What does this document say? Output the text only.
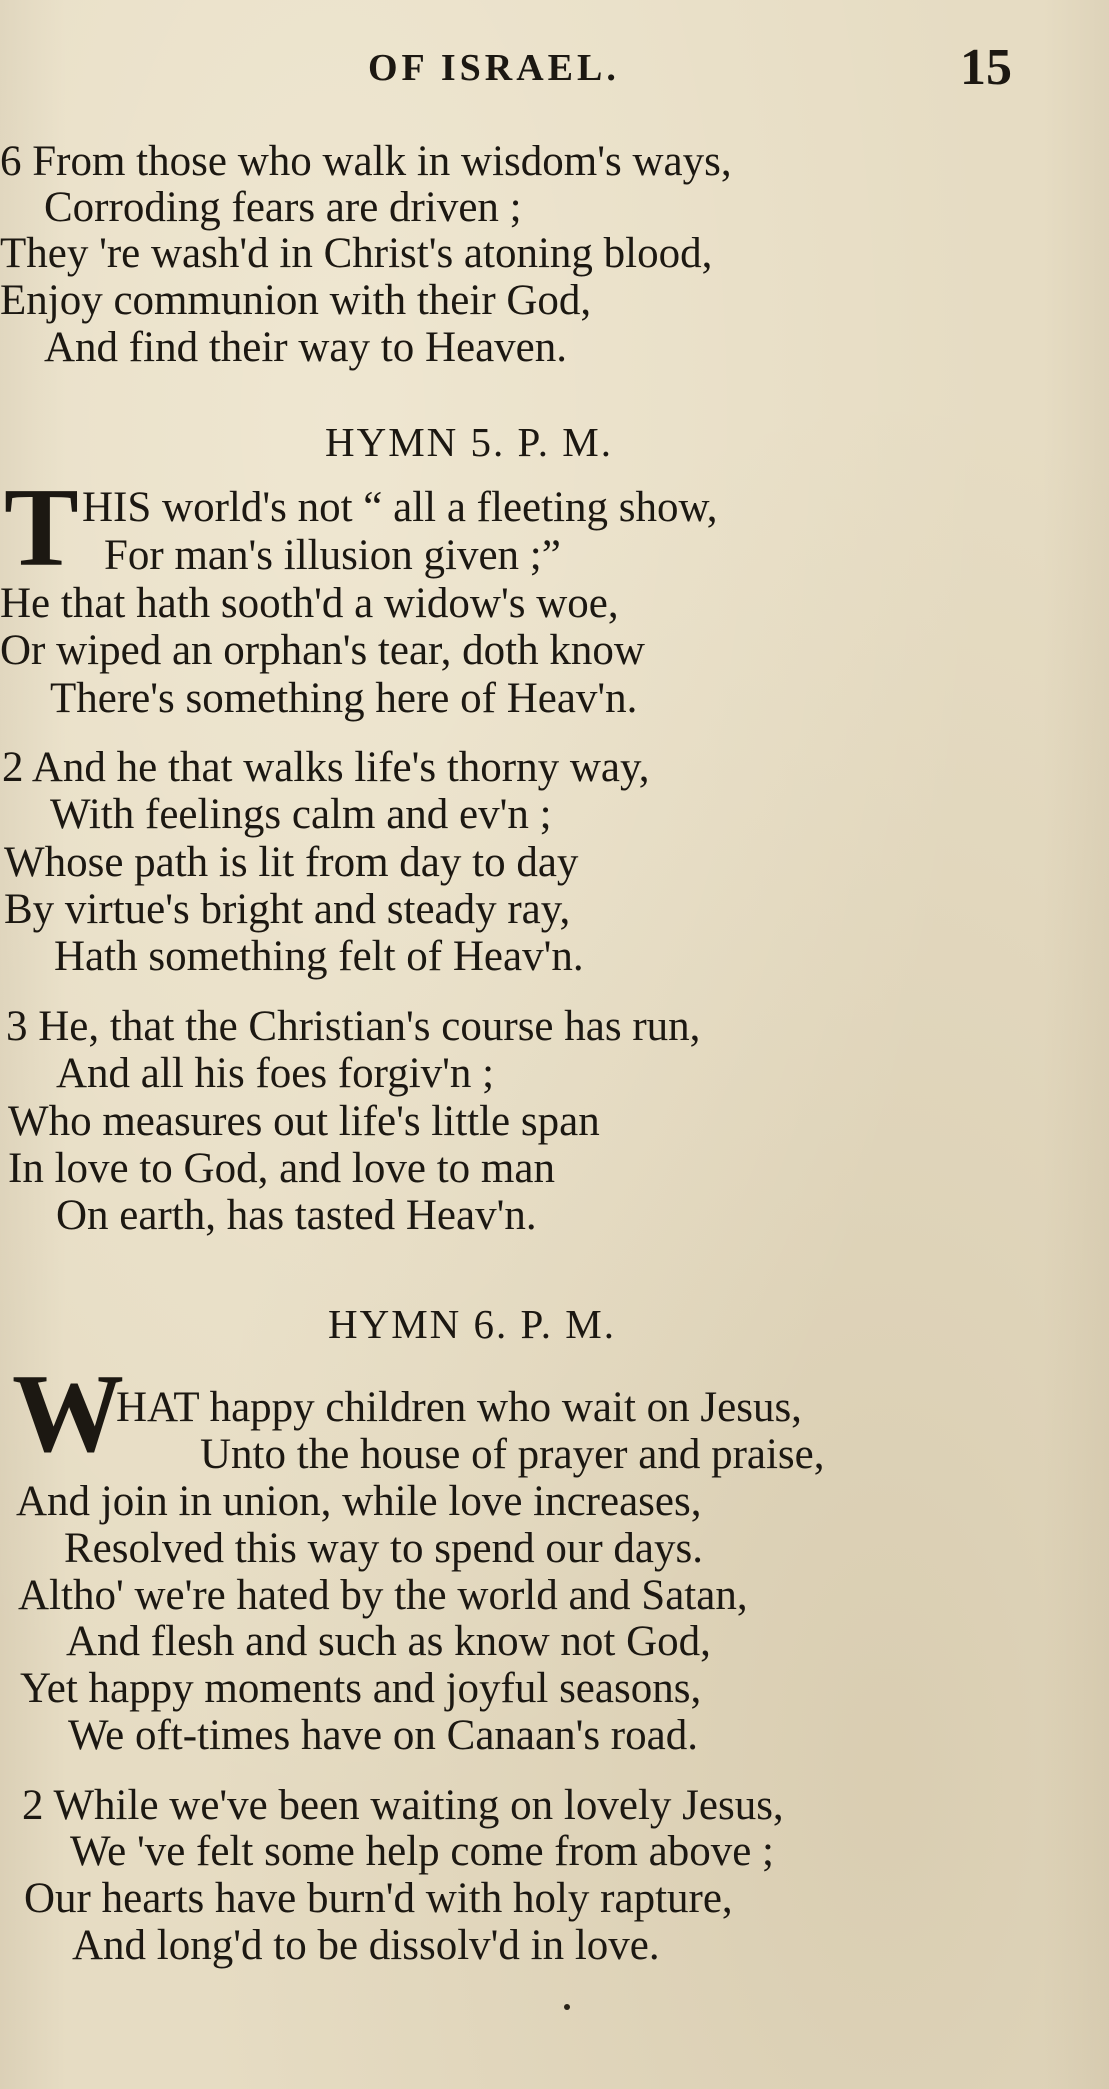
OF ISRAEL.	15
6 From those who walk in wisdom's ways,
Corroding fears are driven ;
They 're wash'd in Christ's atoning blood,
Enjoy communion with their God,
And find their way to Heaven.
HYMN 5. P. M.
T HIS world's not “ all a fleeting show,
For man's illusion given ;”
He that hath sooth'd a widow's woe,
Or wiped an orphan's tear, doth know
There's something here of Heav'n.
2 And he that walks life's thorny way,
With feelings calm and ev'n ;
Whose path is lit from day to day
By virtue's bright and steady ray,
Hath something felt of Heav'n.
3 He, that the Christian's course has run,
And all his foes forgiv'n ;
Who measures out life's little span
In love to God, and love to man
On earth, has tasted Heav'n.
HYMN 6. P. M.
W
HAT happy children who wait on Jesus,
Unto the house of prayer and praise,
And join in union, while love increases,
Resolved this way to spend our days.
Altho' we're hated by the world and Satan,
And flesh and such as know not God,
Yet happy moments and joyful seasons,
We oft-times have on Canaan's road.
2 While we've been waiting on lovely Jesus,
We 've felt some help come from above ;
Our hearts have burn'd with holy rapture,
And long'd to be dissolv'd in love.
